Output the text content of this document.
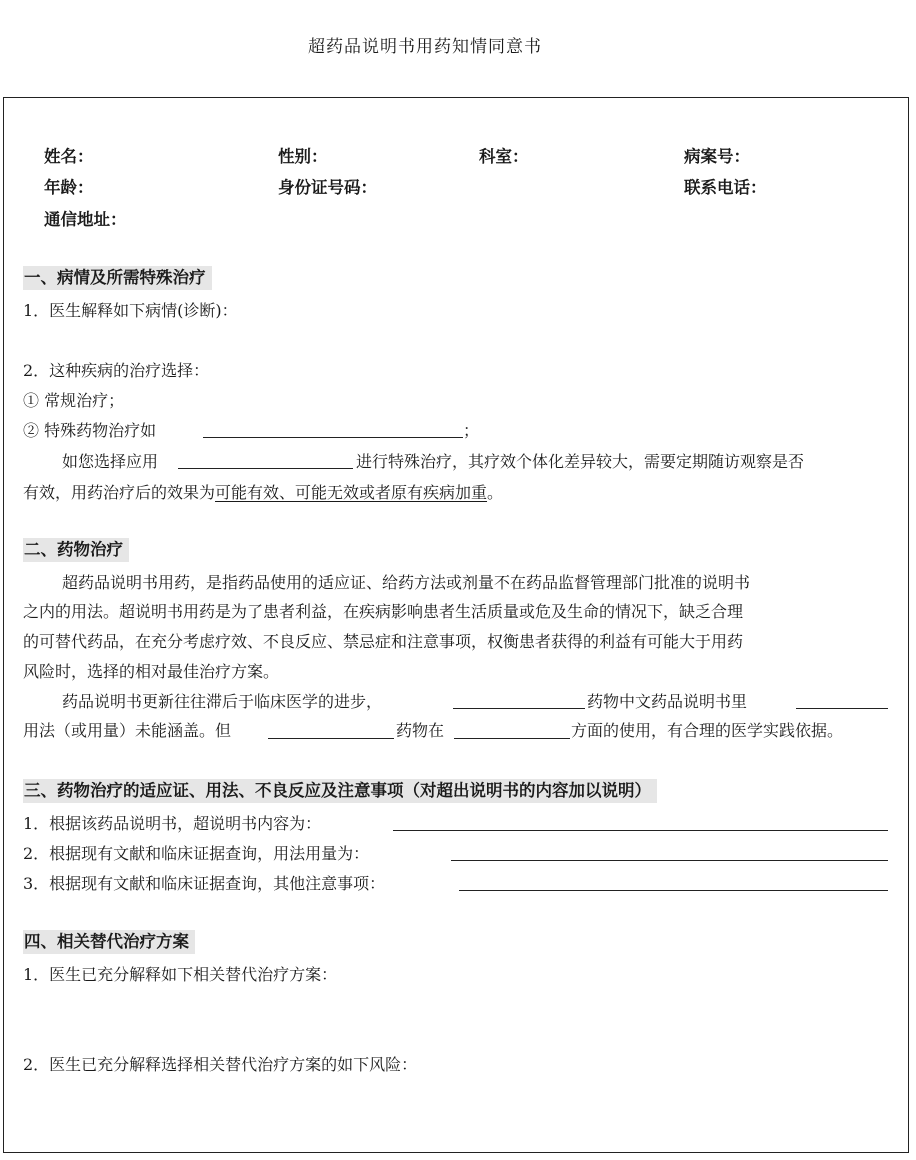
超药品说明书用药知情同意书
姓名：	性别：	科室：	病案号：
年龄：	身份证号码：	联系电话：
通信地址：
一、病情及所需特殊治疗
1．医生解释如下病情(诊断)：
2．这种疾病的治疗选择：
① 常规治疗；
② 特殊药物治疗如	；
如您选择应用	进行特殊治疗，其疗效个体化差异较大，需要定期随访观察是否
有效，用药治疗后的效果为可能有效、可能无效或者原有疾病加重。
二、药物治疗
超药品说明书用药，是指药品使用的适应证、给药方法或剂量不在药品监督管理部门批准的说明书
之内的用法。超说明书用药是为了患者利益，在疾病影响患者生活质量或危及生命的情况下，缺乏合理
的可替代药品，在充分考虑疗效、不良反应、禁忌症和注意事项，权衡患者获得的利益有可能大于用药
风险时，选择的相对最佳治疗方案。
药品说明书更新往往滞后于临床医学的进步，	药物中文药品说明书里
用法（或用量）未能涵盖。但	药物在	方面的使用，有合理的医学实践依据。
三、药物治疗的适应证、用法、不良反应及注意事项（对超出说明书的内容加以说明）
1．根据该药品说明书，超说明书内容为：
2．根据现有文献和临床证据查询，用法用量为：
3．根据现有文献和临床证据查询，其他注意事项：
四、相关替代治疗方案
1．医生已充分解释如下相关替代治疗方案：
2．医生已充分解释选择相关替代治疗方案的如下风险：
